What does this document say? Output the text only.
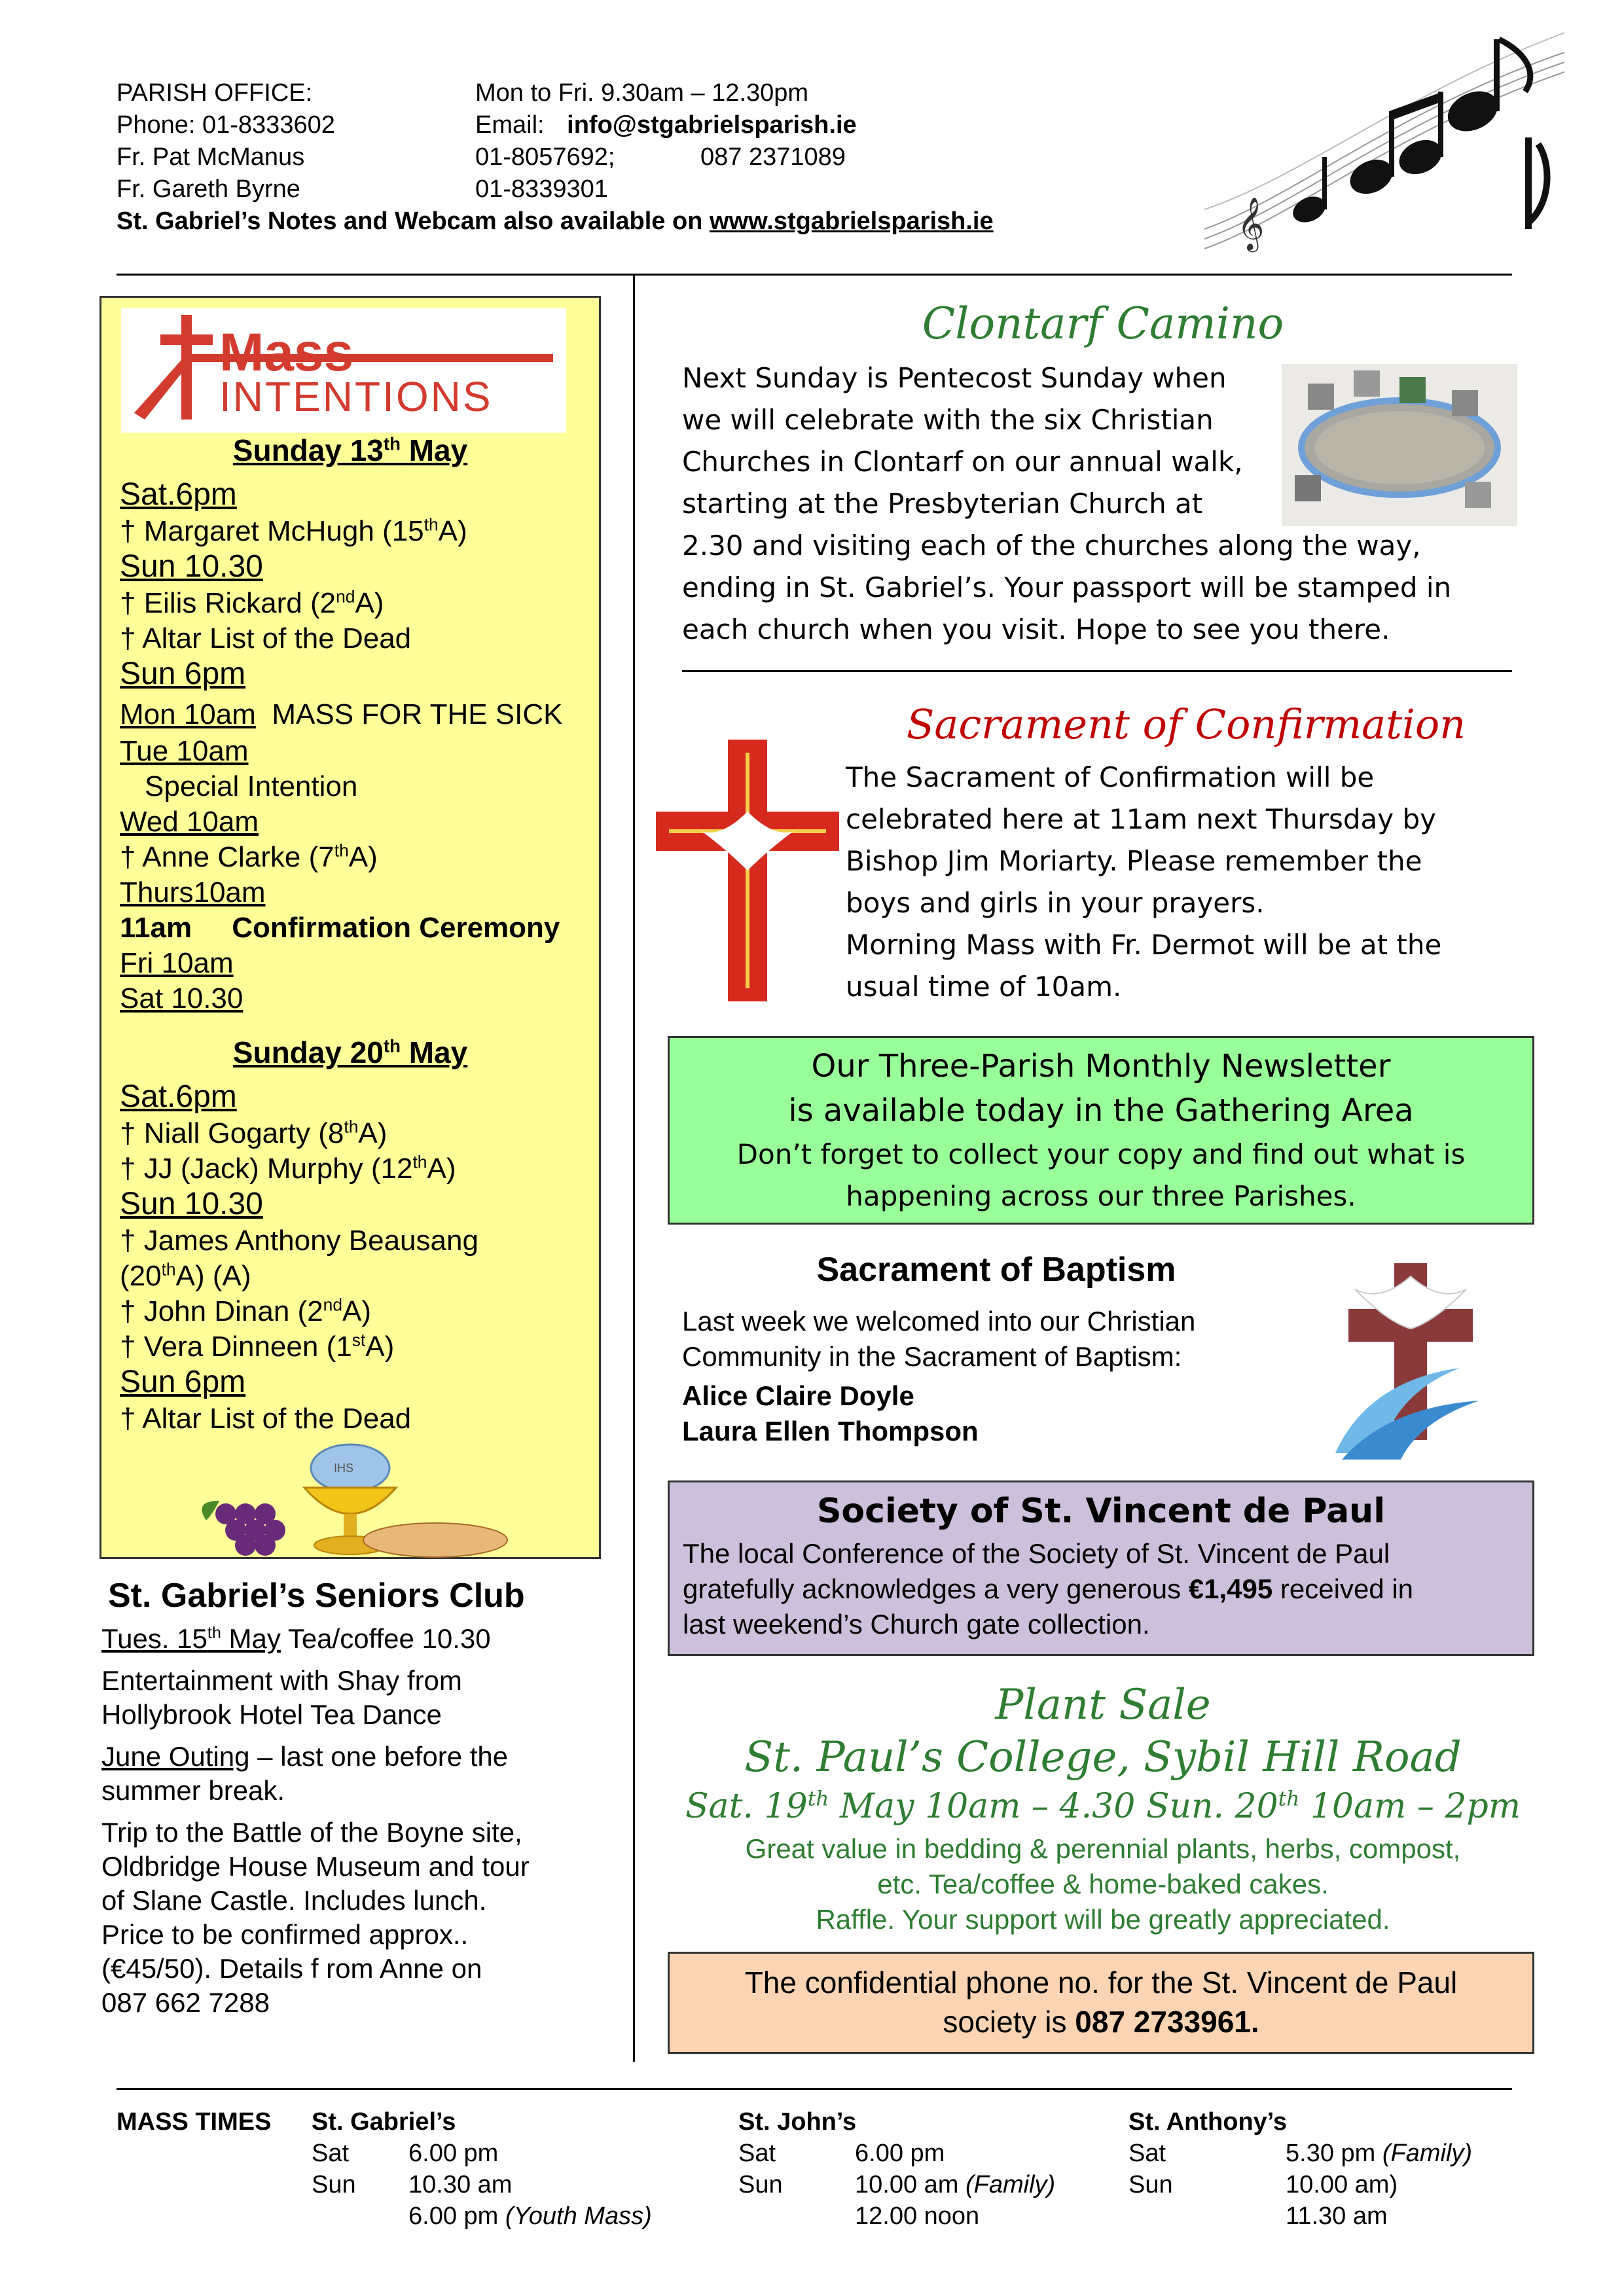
PARISH OFFICE:	Mon to Fri. 9.30am – 12.30pm
Phone: 01-8333602	Email: info@stgabrielsparish.ie
Fr. Pat McManus	01-8057692;	087 2371089
Fr. Gareth Byrne	01-8339301
St. Gabriel’s Notes and Webcam also available on www.stgabrielsparish.ie	𝄞
Mass
INTENTIONS
Sunday 13th May
Sat.6pm
† Margaret McHugh (15thA)
Sun 10.30
† Eilis Rickard (2ndA)
† Altar List of the Dead
Sun 6pm
Mon 10am MASS FOR THE SICK
Tue 10am
Special Intention
Wed 10am
† Anne Clarke (7thA)
Thurs10am
11am Confirmation Ceremony
Fri 10am
Sat 10.30
Sunday 20th May
Sat.6pm
† Niall Gogarty (8thA)
† JJ (Jack) Murphy (12thA)
Sun 10.30
† James Anthony Beausang
(20thA) (A)
† John Dinan (2ndA)
† Vera Dinneen (1stA)
Sun 6pm
† Altar List of the Dead
IHS
St. Gabriel’s Seniors Club
Tues. 15th May Tea/coffee 10.30
Entertainment with Shay from
Hollybrook Hotel Tea Dance
June Outing – last one before the
summer break.
Trip to the Battle of the Boyne site,
Oldbridge House Museum and tour
of Slane Castle. Includes lunch.
Price to be confirmed approx..
(€45/50). Details f rom Anne on
087 662 7288
Clontarf Camino
Next Sunday is Pentecost Sunday when
we will celebrate with the six Christian
Churches in Clontarf on our annual walk,
starting at the Presbyterian Church at
2.30 and visiting each of the churches along the way,
ending in St. Gabriel’s. Your passport will be stamped in
each church when you visit. Hope to see you there.
Sacrament of Confirmation
The Sacrament of Confirmation will be
celebrated here at 11am next Thursday by
Bishop Jim Moriarty. Please remember the
boys and girls in your prayers.
Morning Mass with Fr. Dermot will be at the
usual time of 10am.
Our Three-Parish Monthly Newsletter
is available today in the Gathering Area
Don’t forget to collect your copy and find out what is
happening across our three Parishes.
Sacrament of Baptism
Last week we welcomed into our Christian
Community in the Sacrament of Baptism:
Alice Claire Doyle
Laura Ellen Thompson
Society of St. Vincent de Paul
The local Conference of the Society of St. Vincent de Paul
gratefully acknowledges a very generous €1,495 received in
last weekend’s Church gate collection.
Plant Sale
St. Paul’s College, Sybil Hill Road
Sat. 19th May 10am – 4.30 Sun. 20th 10am – 2pm
Great value in bedding & perennial plants, herbs, compost,
etc. Tea/coffee & home-baked cakes.
Raffle. Your support will be greatly appreciated.
The confidential phone no. for the St. Vincent de Paul
society is 087 2733961.
MASS TIMES St. Gabriel’s
Sat 6.00 pm
Sun 10.30 am
6.00 pm (Youth Mass)
St. John’s
Sat	6.00 pm
Sun	10.00 am (Family)
12.00 noon
St. Anthony’s
Sat	5.30 pm (Family)
Sun	10.00 am)
11.30 am
